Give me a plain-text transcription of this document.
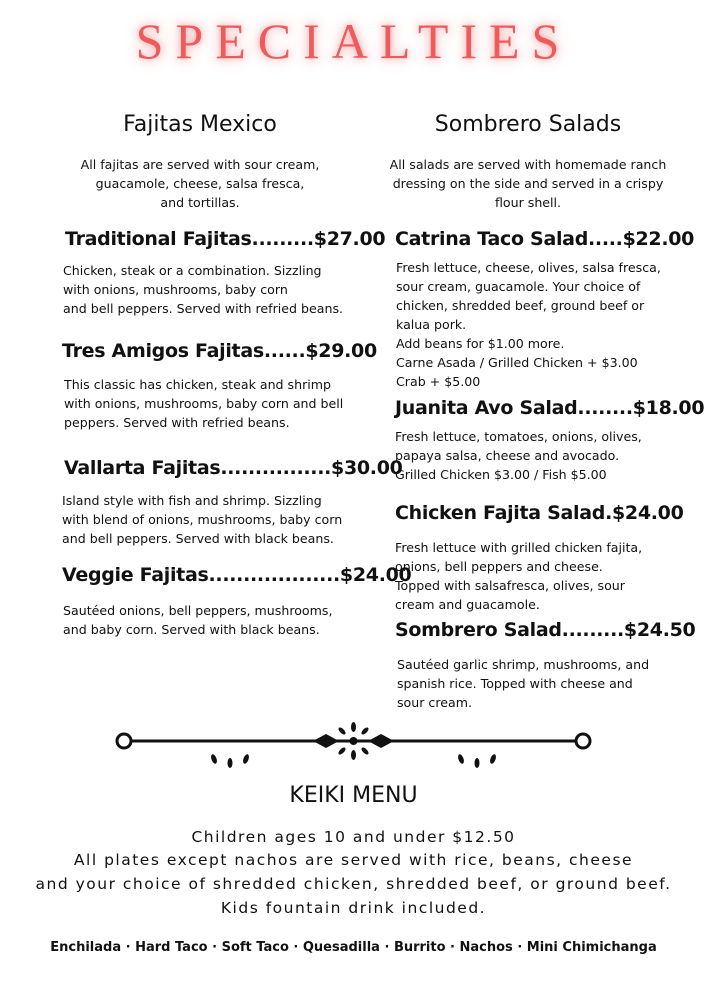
SPECIALTIES
Fajitas Mexico
All fajitas are served with sour cream,
guacamole, cheese, salsa fresca,
and tortillas.
Traditional Fajitas.........$27.00
Chicken, steak or a combination. Sizzling
with onions, mushrooms, baby corn
and bell peppers. Served with refried beans.
Tres Amigos Fajitas......$29.00
This classic has chicken, steak and shrimp
with onions, mushrooms, baby corn and bell
peppers. Served with refried beans.
Vallarta Fajitas................$30.00
Island style with fish and shrimp. Sizzling
with blend of onions, mushrooms, baby corn
and bell peppers. Served with black beans.
Veggie Fajitas...................$24.00
Sautéed onions, bell peppers, mushrooms,
and baby corn. Served with black beans.
Sombrero Salads
All salads are served with homemade ranch
dressing on the side and served in a crispy
flour shell.
Catrina Taco Salad.....$22.00
Fresh lettuce, cheese, olives, salsa fresca,
sour cream, guacamole. Your choice of
chicken, shredded beef, ground beef or
kalua pork.
Add beans for $1.00 more.
Carne Asada / Grilled Chicken + $3.00
Crab + $5.00
Juanita Avo Salad........$18.00
Fresh lettuce, tomatoes, onions, olives,
papaya salsa, cheese and avocado.
Grilled Chicken $3.00 / Fish $5.00
Chicken Fajita Salad.$24.00
Fresh lettuce with grilled chicken fajita,
onions, bell peppers and cheese.
Topped with salsafresca, olives, sour
cream and guacamole.
Sombrero Salad.........$24.50
Sautéed garlic shrimp, mushrooms, and
spanish rice. Topped with cheese and
sour cream.
KEIKI MENU
Children ages 10 and under $12.50
All plates except nachos are served with rice, beans, cheese
and your choice of shredded chicken, shredded beef, or ground beef.
Kids fountain drink included.
Enchilada · Hard Taco · Soft Taco · Quesadilla · Burrito · Nachos · Mini Chimichanga
